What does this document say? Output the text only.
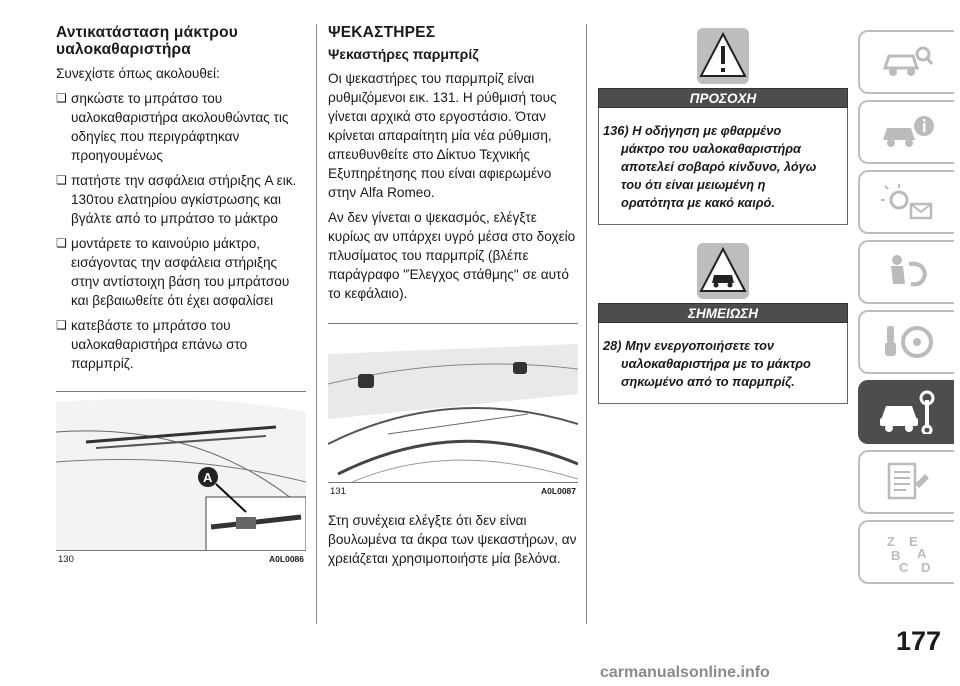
Αντικατάσταση μάκτρου υαλοκαθαριστήρα
Συνεχίστε όπως ακολουθεί:
❑ σηκώστε το μπράτσο του υαλοκαθαριστήρα ακολουθώντας τις οδηγίες που περιγράφτηκαν προηγουμένως
❑ πατήστε την ασφάλεια στήριξης A εικ. 130του ελατηρίου αγκίστρωσης και βγάλτε από το μπράτσο το μάκτρο
❑ μοντάρετε το καινούριο μάκτρο, εισάγοντας την ασφάλεια στήριξης στην αντίστοιχη βάση του μπράτσου και βεβαιωθείτε ότι έχει ασφαλίσει
❑ κατεβάστε το μπράτσο του υαλοκαθαριστήρα επάνω στο παρμπρίζ.
A
130	A0L0086
ΨΕΚΑΣΤΗΡΕΣ
Ψεκαστήρες παρμπρίζ
Οι ψεκαστήρες του παρμπρίζ είναι ρυθμιζόμενοι εικ. 131. Η ρύθμισή τους γίνεται αρχικά στο εργοστάσιο. Όταν κρίνεται απαραίτητη μία νέα ρύθμιση, απευθυνθείτε στο Δίκτυο Τεχνικής Εξυπηρέτησης που είναι αφιερωμένο στην Alfa Romeo.
Αν δεν γίνεται ο ψεκασμός, ελέγξτε κυρίως αν υπάρχει υγρό μέσα στο δοχείο πλυσίματος του παρμπρίζ (βλέπε παράγραφο "Έλεγχος στάθμης" σε αυτό το κεφάλαιο).
131	A0L0087
Στη συνέχεια ελέγξτε ότι δεν είναι βουλωμένα τα άκρα των ψεκαστήρων, αν χρειάζεται χρησιμοποιήστε μία βελόνα.
ΠΡΟΣΟΧΗ
136) Η οδήγηση με φθαρμένο
μάκτρο του υαλοκαθαριστήρα
αποτελεί σοβαρό κίνδυνο, λόγω
του ότι είναι μειωμένη η
ορατότητα με κακό καιρό.
ΣΗΜΕΙΩΣΗ
28) Μην ενεργοποιήσετε τον
υαλοκαθαριστήρα με το μάκτρο
σηκωμένο από το παρμπρίζ.
Z E
A
B
C D
177
carmanualsonline.info
